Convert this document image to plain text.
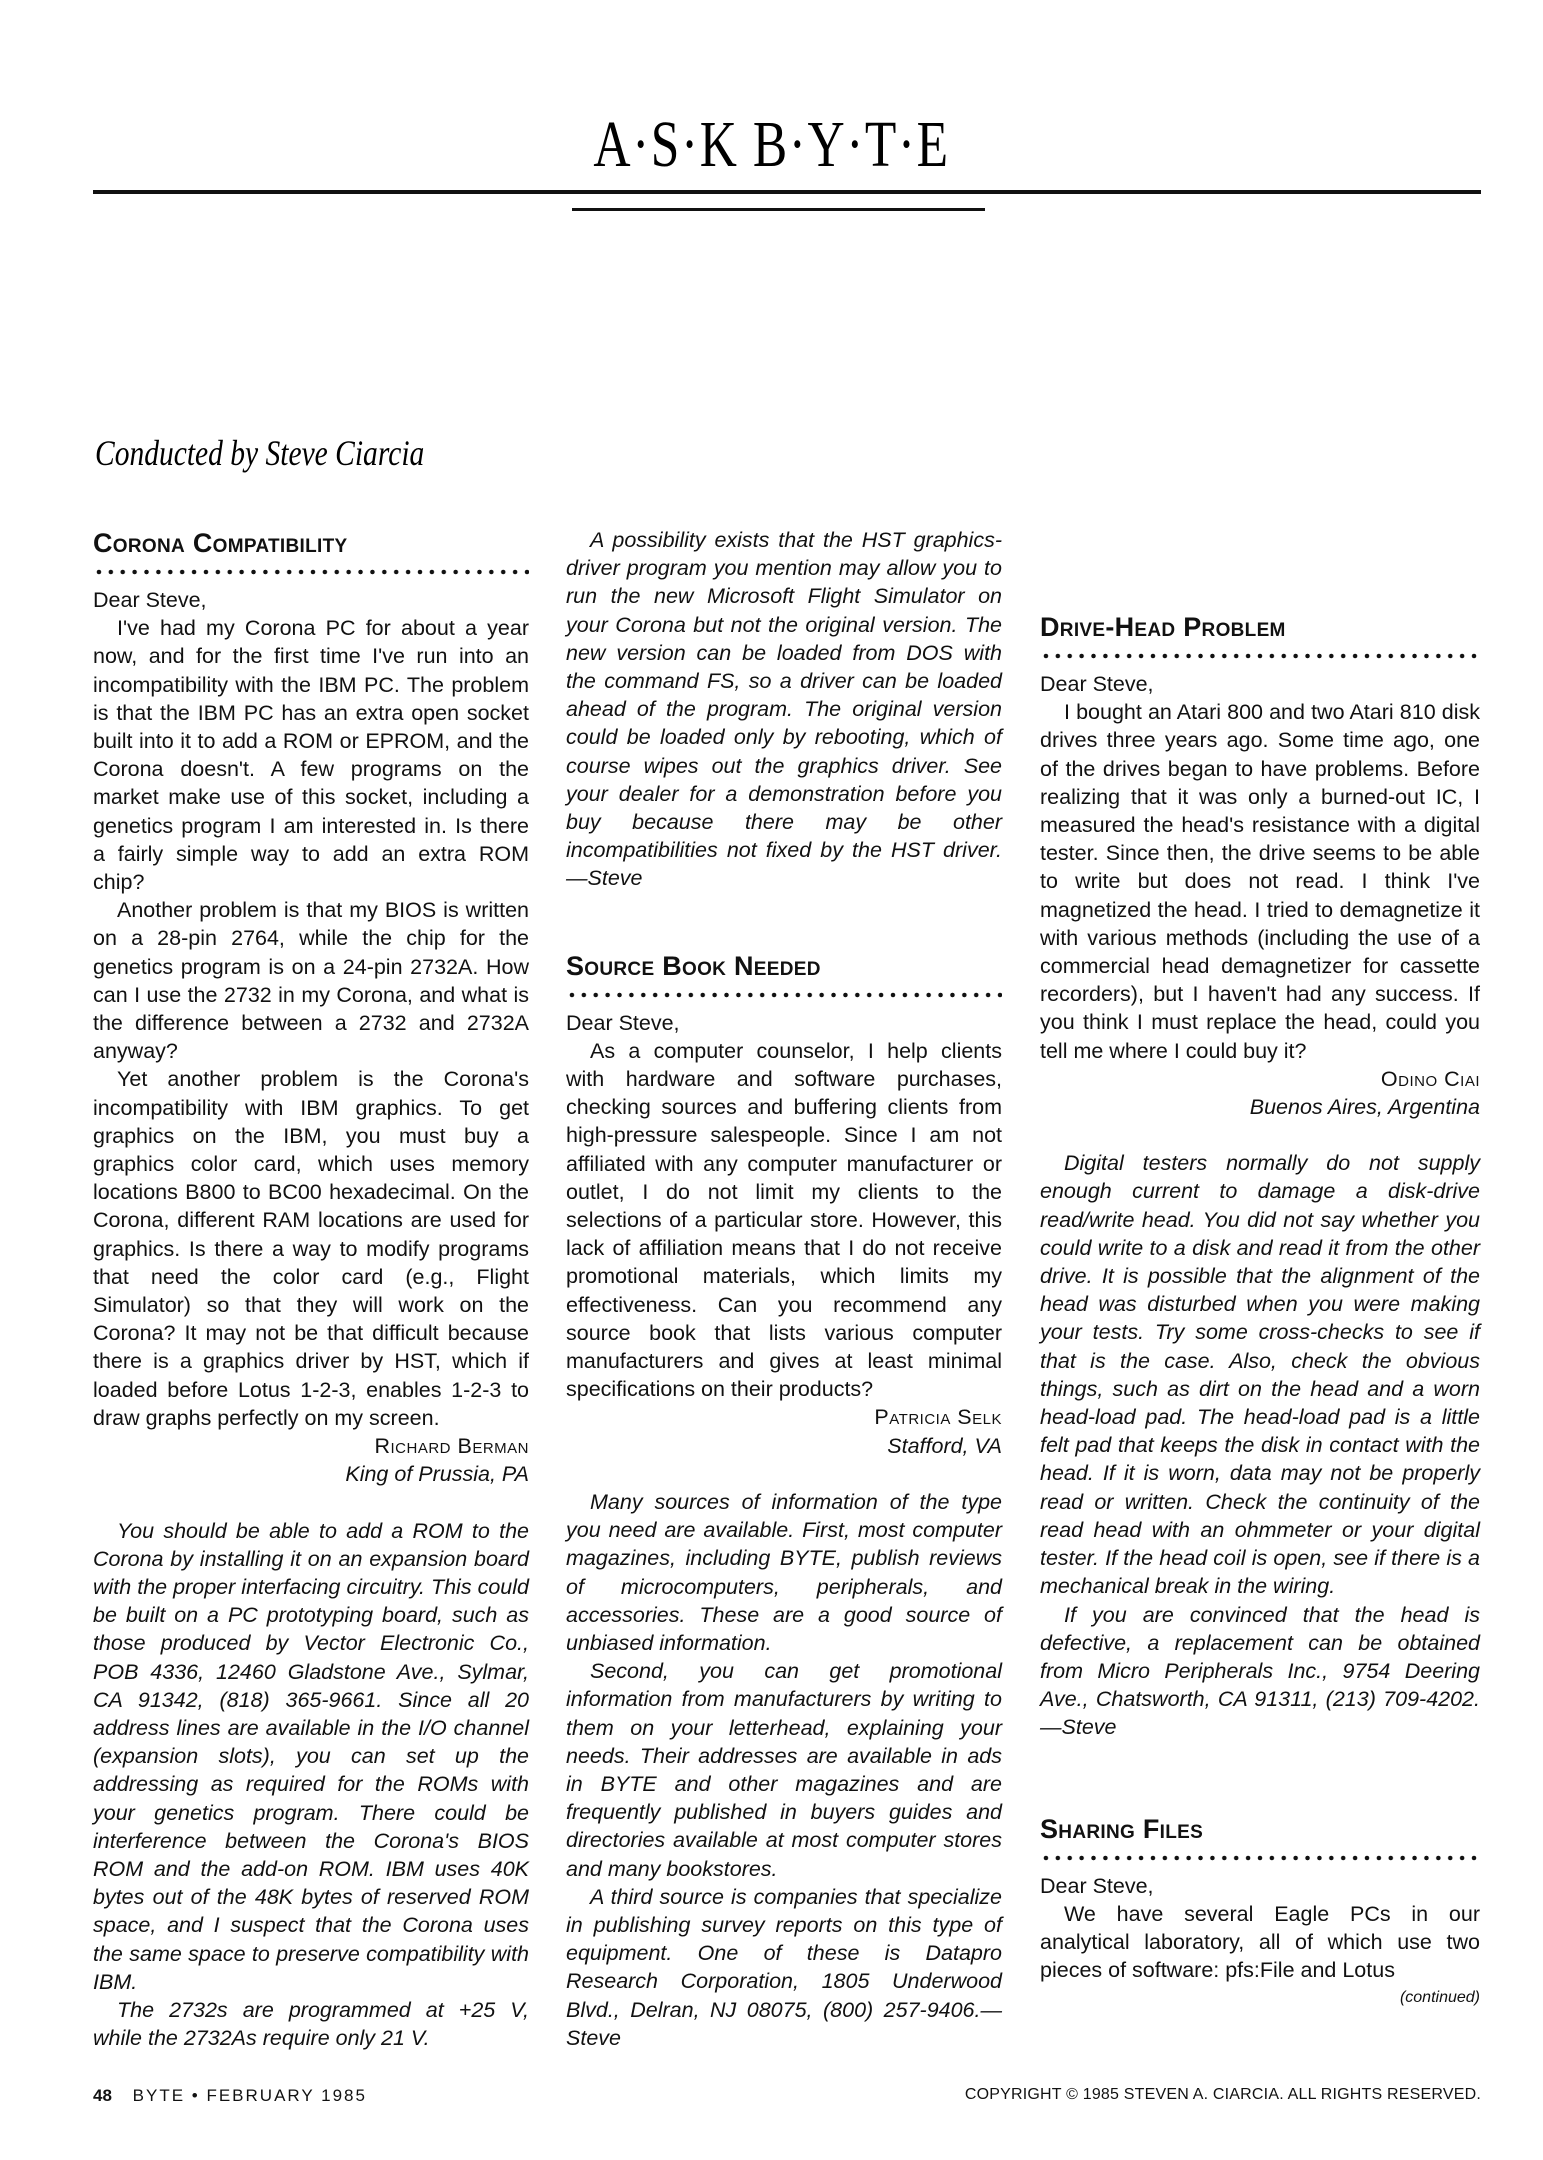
A·S·K B·Y·T·E
Conducted by Steve Ciarcia
Corona Compatibility

Dear Steve,

I've had my Corona PC for about a year now, and for the first time I've run into an incompatibility with the IBM PC. The problem is that the IBM PC has an extra open socket built into it to add a ROM or EPROM, and the Corona doesn't. A few programs on the market make use of this socket, including a genetics program I am interested in. Is there a fairly simple way to add an extra ROM chip?

Another problem is that my BIOS is written on a 28-pin 2764, while the chip for the genetics program is on a 24-pin 2732A. How can I use the 2732 in my Corona, and what is the difference between a 2732 and 2732A anyway?

Yet another problem is the Corona's incompatibility with IBM graphics. To get graphics on the IBM, you must buy a graphics color card, which uses memory locations B800 to BC00 hexadecimal. On the Corona, different RAM locations are used for graphics. Is there a way to modify programs that need the color card (e.g., Flight Simulator) so that they will work on the Corona? It may not be that difficult because there is a graphics driver by HST, which if loaded before Lotus 1-2-3, enables 1-2-3 to draw graphs perfectly on my screen.

Richard Berman

King of Prussia, PA

You should be able to add a ROM to the Corona by installing it on an expansion board with the proper interfacing circuitry. This could be built on a PC prototyping board, such as those produced by Vector Electronic Co., POB 4336, 12460 Gladstone Ave., Sylmar, CA 91342, (818) 365-9661. Since all 20 address lines are available in the I/O channel (expansion slots), you can set up the addressing as required for the ROMs with your genetics program. There could be interference between the Corona's BIOS ROM and the add-on ROM. IBM uses 40K bytes out of the 48K bytes of reserved ROM space, and I suspect that the Corona uses the same space to preserve compatibility with IBM.

The 2732s are programmed at +25 V, while the 2732As require only 21 V.

A possibility exists that the HST graphics-driver program you mention may allow you to run the new Microsoft Flight Simulator on your Corona but not the original version. The new version can be loaded from DOS with the command FS, so a driver can be loaded ahead of the program. The original version could be loaded only by rebooting, which of course wipes out the graphics driver. See your dealer for a demonstration before you buy because there may be other incompatibilities not fixed by the HST driver.—Steve

Source Book Needed

Dear Steve,

As a computer counselor, I help clients with hardware and software purchases, checking sources and buffering clients from high-pressure salespeople. Since I am not affiliated with any computer manufacturer or outlet, I do not limit my clients to the selections of a particular store. However, this lack of affiliation means that I do not receive promotional materials, which limits my effectiveness. Can you recommend any source book that lists various computer manufacturers and gives at least minimal specifications on their products?

Patricia Selk

Stafford, VA

Many sources of information of the type you need are available. First, most computer magazines, including BYTE, publish reviews of microcomputers, peripherals, and accessories. These are a good source of unbiased information.

Second, you can get promotional information from manufacturers by writing to them on your letterhead, explaining your needs. Their addresses are available in ads in BYTE and other magazines and are frequently published in buyers guides and directories available at most computer stores and many bookstores.

A third source is companies that specialize in publishing survey reports on this type of equipment. One of these is Datapro Research Corporation, 1805 Underwood Blvd., Delran, NJ 08075, (800) 257-9406.—Steve

Drive-Head Problem

Dear Steve,

I bought an Atari 800 and two Atari 810 disk drives three years ago. Some time ago, one of the drives began to have problems. Before realizing that it was only a burned-out IC, I measured the head's resistance with a digital tester. Since then, the drive seems to be able to write but does not read. I think I've magnetized the head. I tried to demagnetize it with various methods (including the use of a commercial head demagnetizer for cassette recorders), but I haven't had any success. If you think I must replace the head, could you tell me where I could buy it?

Odino Ciai

Buenos Aires, Argentina

Digital testers normally do not supply enough current to damage a disk-drive read/write head. You did not say whether you could write to a disk and read it from the other drive. It is possible that the alignment of the head was disturbed when you were making your tests. Try some cross-checks to see if that is the case. Also, check the obvious things, such as dirt on the head and a worn head-load pad. The head-load pad is a little felt pad that keeps the disk in contact with the head. If it is worn, data may not be properly read or written. Check the continuity of the read head with an ohmmeter or your digital tester. If the head coil is open, see if there is a mechanical break in the wiring.

If you are convinced that the head is defective, a replacement can be obtained from Micro Peripherals Inc., 9754 Deering Ave., Chatsworth, CA 91311, (213) 709-4202.—Steve

Sharing Files

Dear Steve,

We have several Eagle PCs in our analytical laboratory, all of which use two pieces of software: pfs:File and Lotus

(continued)

48 BYTE • FEBRUARY 1985	COPYRIGHT © 1985 STEVEN A. CIARCIA. ALL RIGHTS RESERVED.
